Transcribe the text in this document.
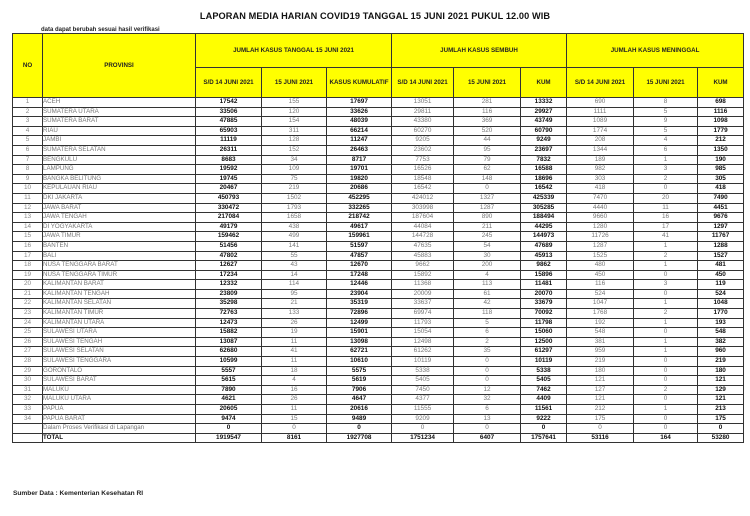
LAPORAN MEDIA HARIAN COVID19 TANGGAL 15 JUNI 2021 PUKUL 12.00 WIB
data dapat berubah sesuai hasil verifikasi
NO	PROVINSI	JUMLAH KASUS TANGGAL 15 JUNI 2021			JUMLAH KASUS SEMBUH			JUMLAH KASUS MENINGGAL		
		S/D 14 JUNI 2021	15 JUNI 2021	KASUS KUMULATIF	S/D 14 JUNI 2021	15 JUNI 2021	KUM	S/D 14 JUNI 2021	15 JUNI 2021	KUM
1	ACEH	17542	155	17697	13051	281	13332	690	8	698
2	SUMATERA UTARA	33506	120	33626	29811	116	29927	1111	5	1116
3	SUMATERA BARAT	47885	154	48039	43380	369	43749	1089	9	1098
4	RIAU	65903	311	66214	60270	520	60790	1774	5	1779
5	JAMBI	11119	128	11247	9205	44	9249	208	4	212
6	SUMATERA SELATAN	26311	152	26463	23602	95	23697	1344	6	1350
7	BENGKULU	8683	34	8717	7753	79	7832	189	1	190
8	LAMPUNG	19592	109	19701	16526	62	16588	982	3	985
9	BANGKA BELITUNG	19745	75	19820	18548	148	18696	303	2	305
10	KEPULAUAN RIAU	20467	219	20686	16542	0	16542	418	0	418
11	DKI JAKARTA	450793	1502	452295	424012	1327	425339	7470	20	7490
12	JAWA BARAT	330472	1793	332265	303998	1287	305285	4440	11	4451
13	JAWA TENGAH	217084	1658	218742	187604	890	188494	9660	16	9676
14	DI YOGYAKARTA	49179	438	49617	44084	211	44295	1280	17	1297
15	JAWA TIMUR	159462	499	159961	144728	245	144973	11726	41	11767
16	BANTEN	51456	141	51597	47635	54	47689	1287	1	1288
17	BALI	47802	55	47857	45883	30	45913	1525	2	1527
18	NUSA TENGGARA BARAT	12627	43	12670	9662	200	9862	480	1	481
19	NUSA TENGGARA TIMUR	17234	14	17248	15892	4	15896	450	0	450
20	KALIMANTAN BARAT	12332	114	12446	11368	113	11481	116	3	119
21	KALIMANTAN TENGAH	23809	95	23904	20009	61	20070	524	0	524
22	KALIMANTAN SELATAN	35298	21	35319	33637	42	33679	1047	1	1048
23	KALIMANTAN TIMUR	72763	133	72896	69974	118	70092	1768	2	1770
24	KALIMANTAN UTARA	12473	26	12499	11793	5	11798	192	1	193
25	SULAWESI UTARA	15882	19	15901	15054	6	15060	548	0	548
26	SULAWESI TENGAH	13087	11	13098	12498	2	12500	381	1	382
27	SULAWESI SELATAN	62680	41	62721	61262	35	61297	959	1	960
28	SULAWESI TENGGARA	10599	11	10610	10119	0	10119	219	0	219
29	GORONTALO	5557	18	5575	5338	0	5338	180	0	180
30	SULAWESI BARAT	5615	4	5619	5405	0	5405	121	0	121
31	MALUKU	7890	16	7906	7450	12	7462	127	2	129
32	MALUKU UTARA	4621	26	4647	4377	32	4409	121	0	121
33	PAPUA	20605	11	20616	11555	6	11561	212	1	213
34	PAPUA BARAT	9474	15	9489	9209	13	9222	175	0	175
	Dalam Proses Verifikasi di Lapangan	0	0	0	0	0	0	0	0	0
	TOTAL	1919547	8161	1927708	1751234	6407	1757641	53116	164	53280
Sumber Data : Kementerian Kesehatan RI
